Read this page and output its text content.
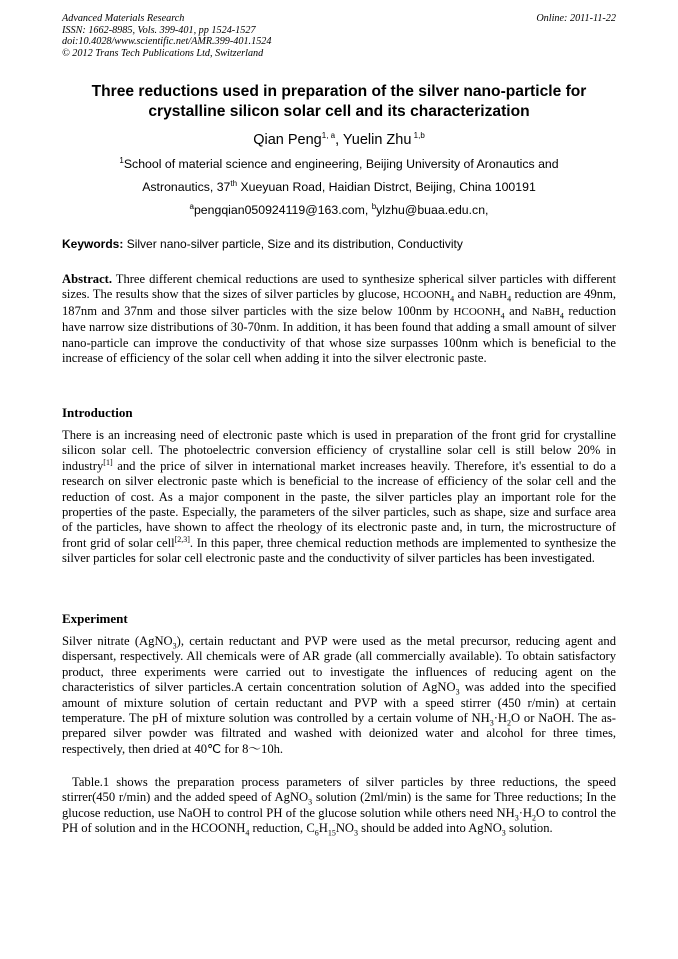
Advanced Materials Research
ISSN: 1662-8985, Vols. 399-401, pp 1524-1527
doi:10.4028/www.scientific.net/AMR.399-401.1524
© 2012 Trans Tech Publications Ltd, Switzerland
Online: 2011-11-22
Three reductions used in preparation of the silver nano-particle for
crystalline silicon solar cell and its characterization
Qian Peng$^{1, a}$, Yuelin Zhu $^{1,b}$
$^1$School of material science and engineering, Beijing University of Aronautics and
Astronautics, 37th Xueyuan Road, Haidian Distrct, Beijing, China 100191
$^a$pengqian050924119@163.com, $^b$ylzhu@buaa.edu.cn,
Keywords: Silver nano-silver particle, Size and its distribution, Conductivity
Abstract. Three different chemical reductions are used to synthesize spherical silver particles with different sizes. The results show that the sizes of silver particles by glucose, $HCOONH_4$ and NaBH$_4$ reduction are 49nm, 187nm and 37nm and those silver particles with the size below 100nm by $HCOONH_4$ and NaBH$_4$ reduction have narrow size distributions of 30-70nm. In addition, it has been found that adding a small amount of silver nano-particle can improve the conductivity of that whose size surpasses 100nm which is beneficial to the increase of efficiency of the solar cell when adding it into the silver electronic paste.
Introduction
There is an increasing need of electronic paste which is used in preparation of the front grid for crystalline silicon solar cell. The photoelectric conversion efficiency of crystalline solar cell is still below 20% in industry[1] and the price of silver in international market increases heavily. Therefore, it's essential to do a research on silver electronic paste which is beneficial to the increase of efficiency of the solar cell and the reduction of cost. As a major component in the paste, the silver particles play an important role for the properties of the paste. Especially, the parameters of the silver particles, such as shape, size and surface area of the particles, have shown to affect the rheology of its electronic paste and, in turn, the microstructure of front grid of solar cell[2,3]. In this paper, three chemical reduction methods are implemented to synthesize the silver particles for solar cell electronic paste and the conductivity of silver particles has been investigated.
Experiment
Silver nitrate (AgNO$_3$), certain reductant and PVP were used as the metal precursor, reducing agent and dispersant, respectively. All chemicals were of AR grade (all commercially available). To obtain satisfactory product, three experiments were carried out to investigate the influences of reducing agent on the characteristics of silver particles.A certain concentration solution of AgNO$_3$ was added into the specified amount of mixture solution of certain reductant and PVP with a speed stirrer (450 r/min) at certain temperature. The pH of mixture solution was controlled by a certain volume of $NH_3\cdot H_2O$ or NaOH. The as-prepared silver powder was filtrated and washed with deionized water and alcohol for three times, respectively, then dried at 40℃ for 8～10h.
Table.1 shows the preparation process parameters of silver particles by three reductions, the speed stirrer(450 r/min) and the added speed of AgNO$_3$ solution (2ml/min) is the same for Three reductions; In the glucose reduction, use NaOH to control PH of the glucose solution while others need $NH_3\cdot H_2O$ to control the PH of solution and in the $HCOONH_4$ reduction, $C_6H_{15}NO_3$ should be added into AgNO$_3$ solution.
